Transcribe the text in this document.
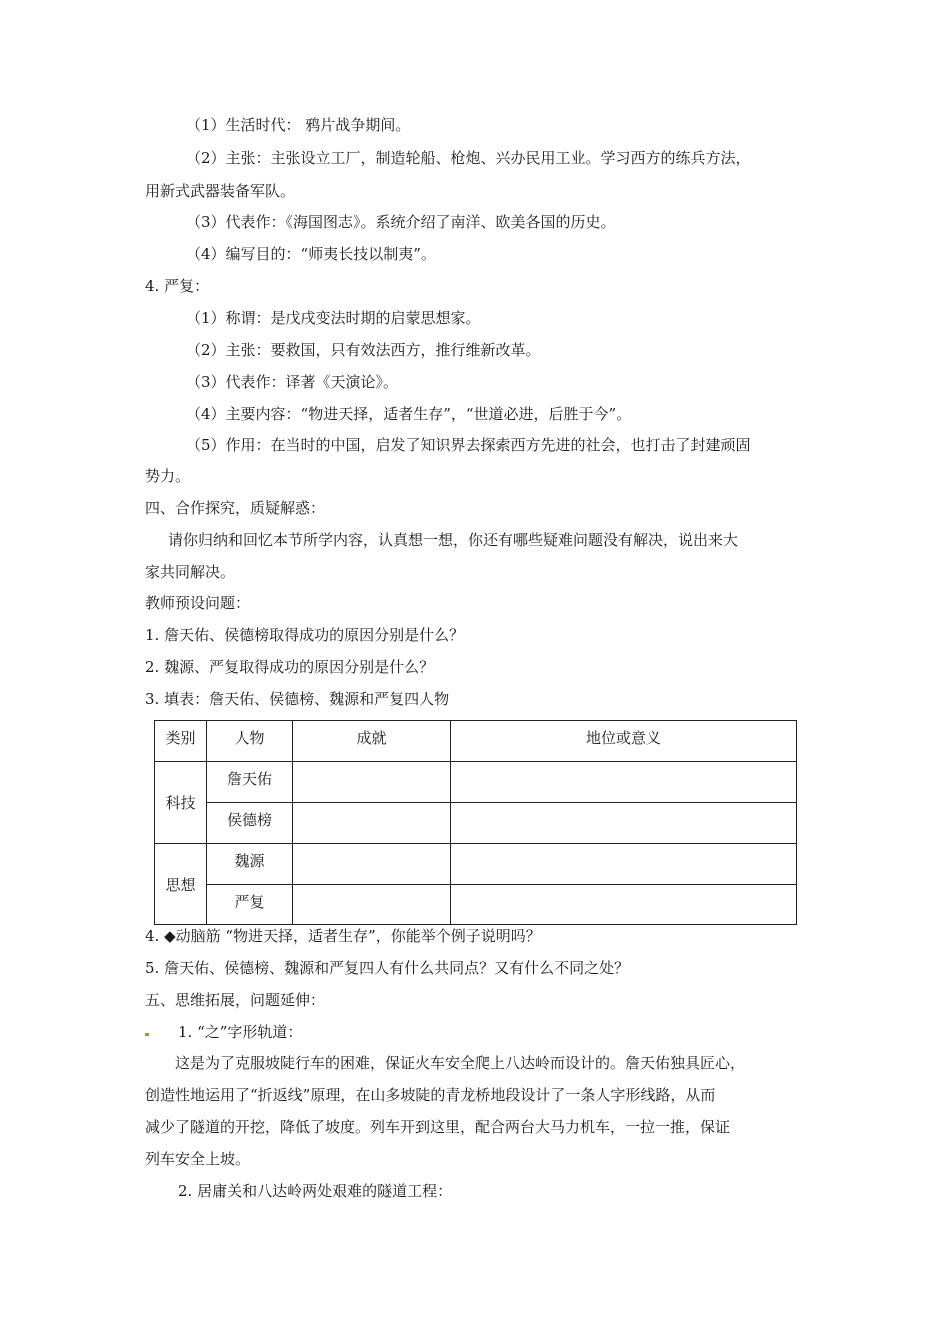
（1）生活时代： 鸦片战争期间。
（2）主张：主张设立工厂，制造轮船、枪炮、兴办民用工业。学习西方的练兵方法，
用新式武器装备军队。
（3）代表作：《海国图志》。系统介绍了南洋、欧美各国的历史。
（4）编写目的：“师夷长技以制夷”。
4. 严复：
（1）称谓：是戊戌变法时期的启蒙思想家。
（2）主张：要救国，只有效法西方，推行维新改革。
（3）代表作：译著《天演论》。
（4）主要内容：“物进天择，适者生存”，“世道必进，后胜于今”。
（5）作用：在当时的中国，启发了知识界去探索西方先进的社会，也打击了封建顽固
势力。
四、合作探究，质疑解惑：
请你归纳和回忆本节所学内容，认真想一想，你还有哪些疑难问题没有解决，说出来大
家共同解决。
教师预设问题：
1. 詹天佑、侯德榜取得成功的原因分别是什么？
2. 魏源、严复取得成功的原因分别是什么？
3. 填表：詹天佑、侯德榜、魏源和严复四人物
类别	人物	成就	地位或意义
科技	詹天佑		
	侯德榜		
思想	魏源		
	严复		
4. ◆动脑筋 “物进天择，适者生存”，你能举个例子说明吗？
5. 詹天佑、侯德榜、魏源和严复四人有什么共同点？又有什么不同之处？
五、思维拓展，问题延伸：
1. “之”字形轨道：
这是为了克服坡陡行车的困难，保证火车安全爬上八达岭而设计的。詹天佑独具匠心，
创造性地运用了“折返线”原理，在山多坡陡的青龙桥地段设计了一条人字形线路，从而
减少了隧道的开挖，降低了坡度。列车开到这里，配合两台大马力机车，一拉一推，保证
列车安全上坡。
2. 居庸关和八达岭两处艰难的隧道工程：
